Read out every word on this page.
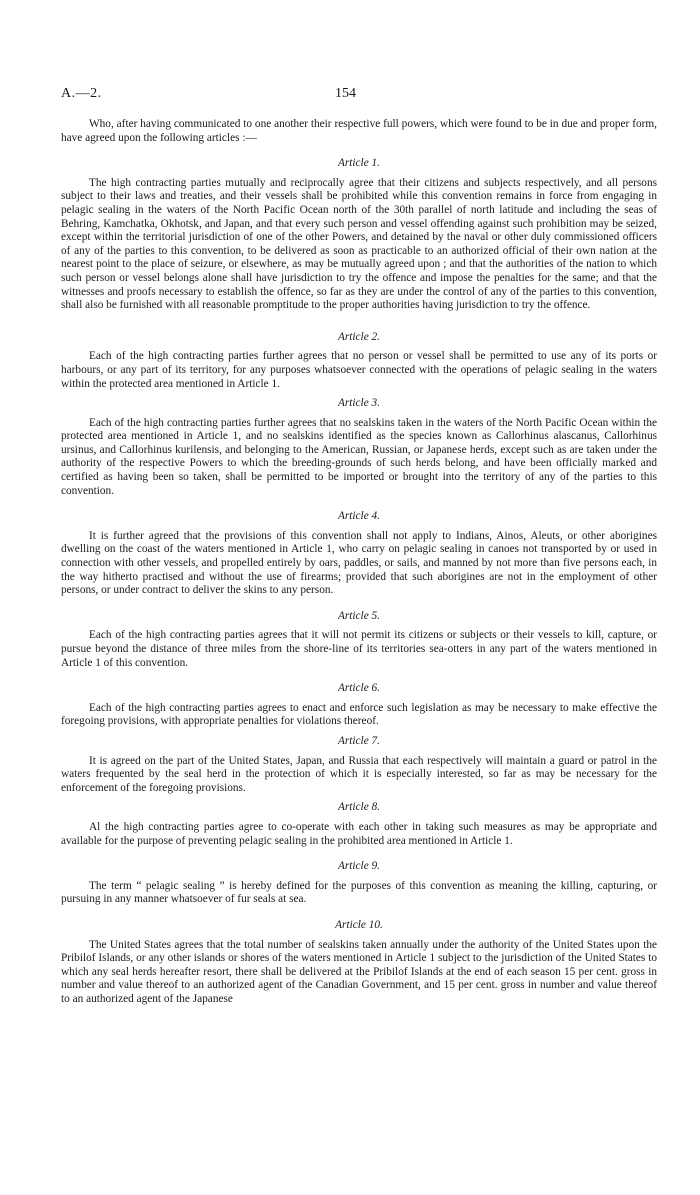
A.—2.	154

Who, after having communicated to one another their respective full powers, which were found to be in due and proper form, have agreed upon the following articles :—

Article 1.

The high contracting parties mutually and reciprocally agree that their citizens and subjects respectively, and all persons subject to their laws and treaties, and their vessels shall be prohibited while this convention remains in force from engaging in pelagic sealing in the waters of the North Pacific Ocean north of the 30th parallel of north latitude and including the seas of Behring, Kamchatka, Okhotsk, and Japan, and that every such person and vessel offending against such prohibition may be seized, except within the territorial jurisdiction of one of the other Powers, and detained by the naval or other duly commissioned officers of any of the parties to this convention, to be delivered as soon as practicable to an authorized official of their own nation at the nearest point to the place of seizure, or elsewhere, as may be mutually agreed upon ; and that the authorities of the nation to which such person or vessel belongs alone shall have jurisdiction to try the offence and impose the penalties for the same; and that the witnesses and proofs necessary to establish the offence, so far as they are under the control of any of the parties to this convention, shall also be furnished with all reasonable promptitude to the proper authorities having jurisdiction to try the offence.

Article 2.

Each of the high contracting parties further agrees that no person or vessel shall be permitted to use any of its ports or harbours, or any part of its territory, for any purposes whatsoever connected with the operations of pelagic sealing in the waters within the protected area mentioned in Article 1.

Article 3.

Each of the high contracting parties further agrees that no sealskins taken in the waters of the North Pacific Ocean within the protected area mentioned in Article 1, and no sealskins identified as the species known as Callorhinus alascanus, Callorhinus ursinus, and Callorhinus kurilensis, and belonging to the American, Russian, or Japanese herds, except such as are taken under the authority of the respective Powers to which the breeding-grounds of such herds belong, and have been officially marked and certified as having been so taken, shall be permitted to be imported or brought into the territory of any of the parties to this convention.

Article 4.

It is further agreed that the provisions of this convention shall not apply to Indians, Ainos, Aleuts, or other aborigines dwelling on the coast of the waters mentioned in Article 1, who carry on pelagic sealing in canoes not transported by or used in connection with other vessels, and propelled entirely by oars, paddles, or sails, and manned by not more than five persons each, in the way hitherto practised and without the use of firearms; provided that such aborigines are not in the employment of other persons, or under contract to deliver the skins to any person.

Article 5.

Each of the high contracting parties agrees that it will not permit its citizens or subjects or their vessels to kill, capture, or pursue beyond the distance of three miles from the shore-line of its territories sea-otters in any part of the waters mentioned in Article 1 of this convention.

Article 6.

Each of the high contracting parties agrees to enact and enforce such legislation as may be necessary to make effective the foregoing provisions, with appropriate penalties for violations thereof.

Article 7.

It is agreed on the part of the United States, Japan, and Russia that each respectively will maintain a guard or patrol in the waters frequented by the seal herd in the protection of which it is especially interested, so far as may be necessary for the enforcement of the foregoing provisions.

Article 8.

Al the high contracting parties agree to co-operate with each other in taking such measures as may be appropriate and available for the purpose of preventing pelagic sealing in the prohibited area mentioned in Article 1.

Article 9.

The term “ pelagic sealing ” is hereby defined for the purposes of this convention as meaning the killing, capturing, or pursuing in any manner whatsoever of fur seals at sea.

Article 10.

The United States agrees that the total number of sealskins taken annually under the authority of the United States upon the Pribilof Islands, or any other islands or shores of the waters mentioned in Article 1 subject to the jurisdiction of the United States to which any seal herds hereafter resort, there shall be delivered at the Pribilof Islands at the end of each season 15 per cent. gross in number and value thereof to an authorized agent of the Canadian Government, and 15 per cent. gross in number and value thereof to an authorized agent of the Japanese
